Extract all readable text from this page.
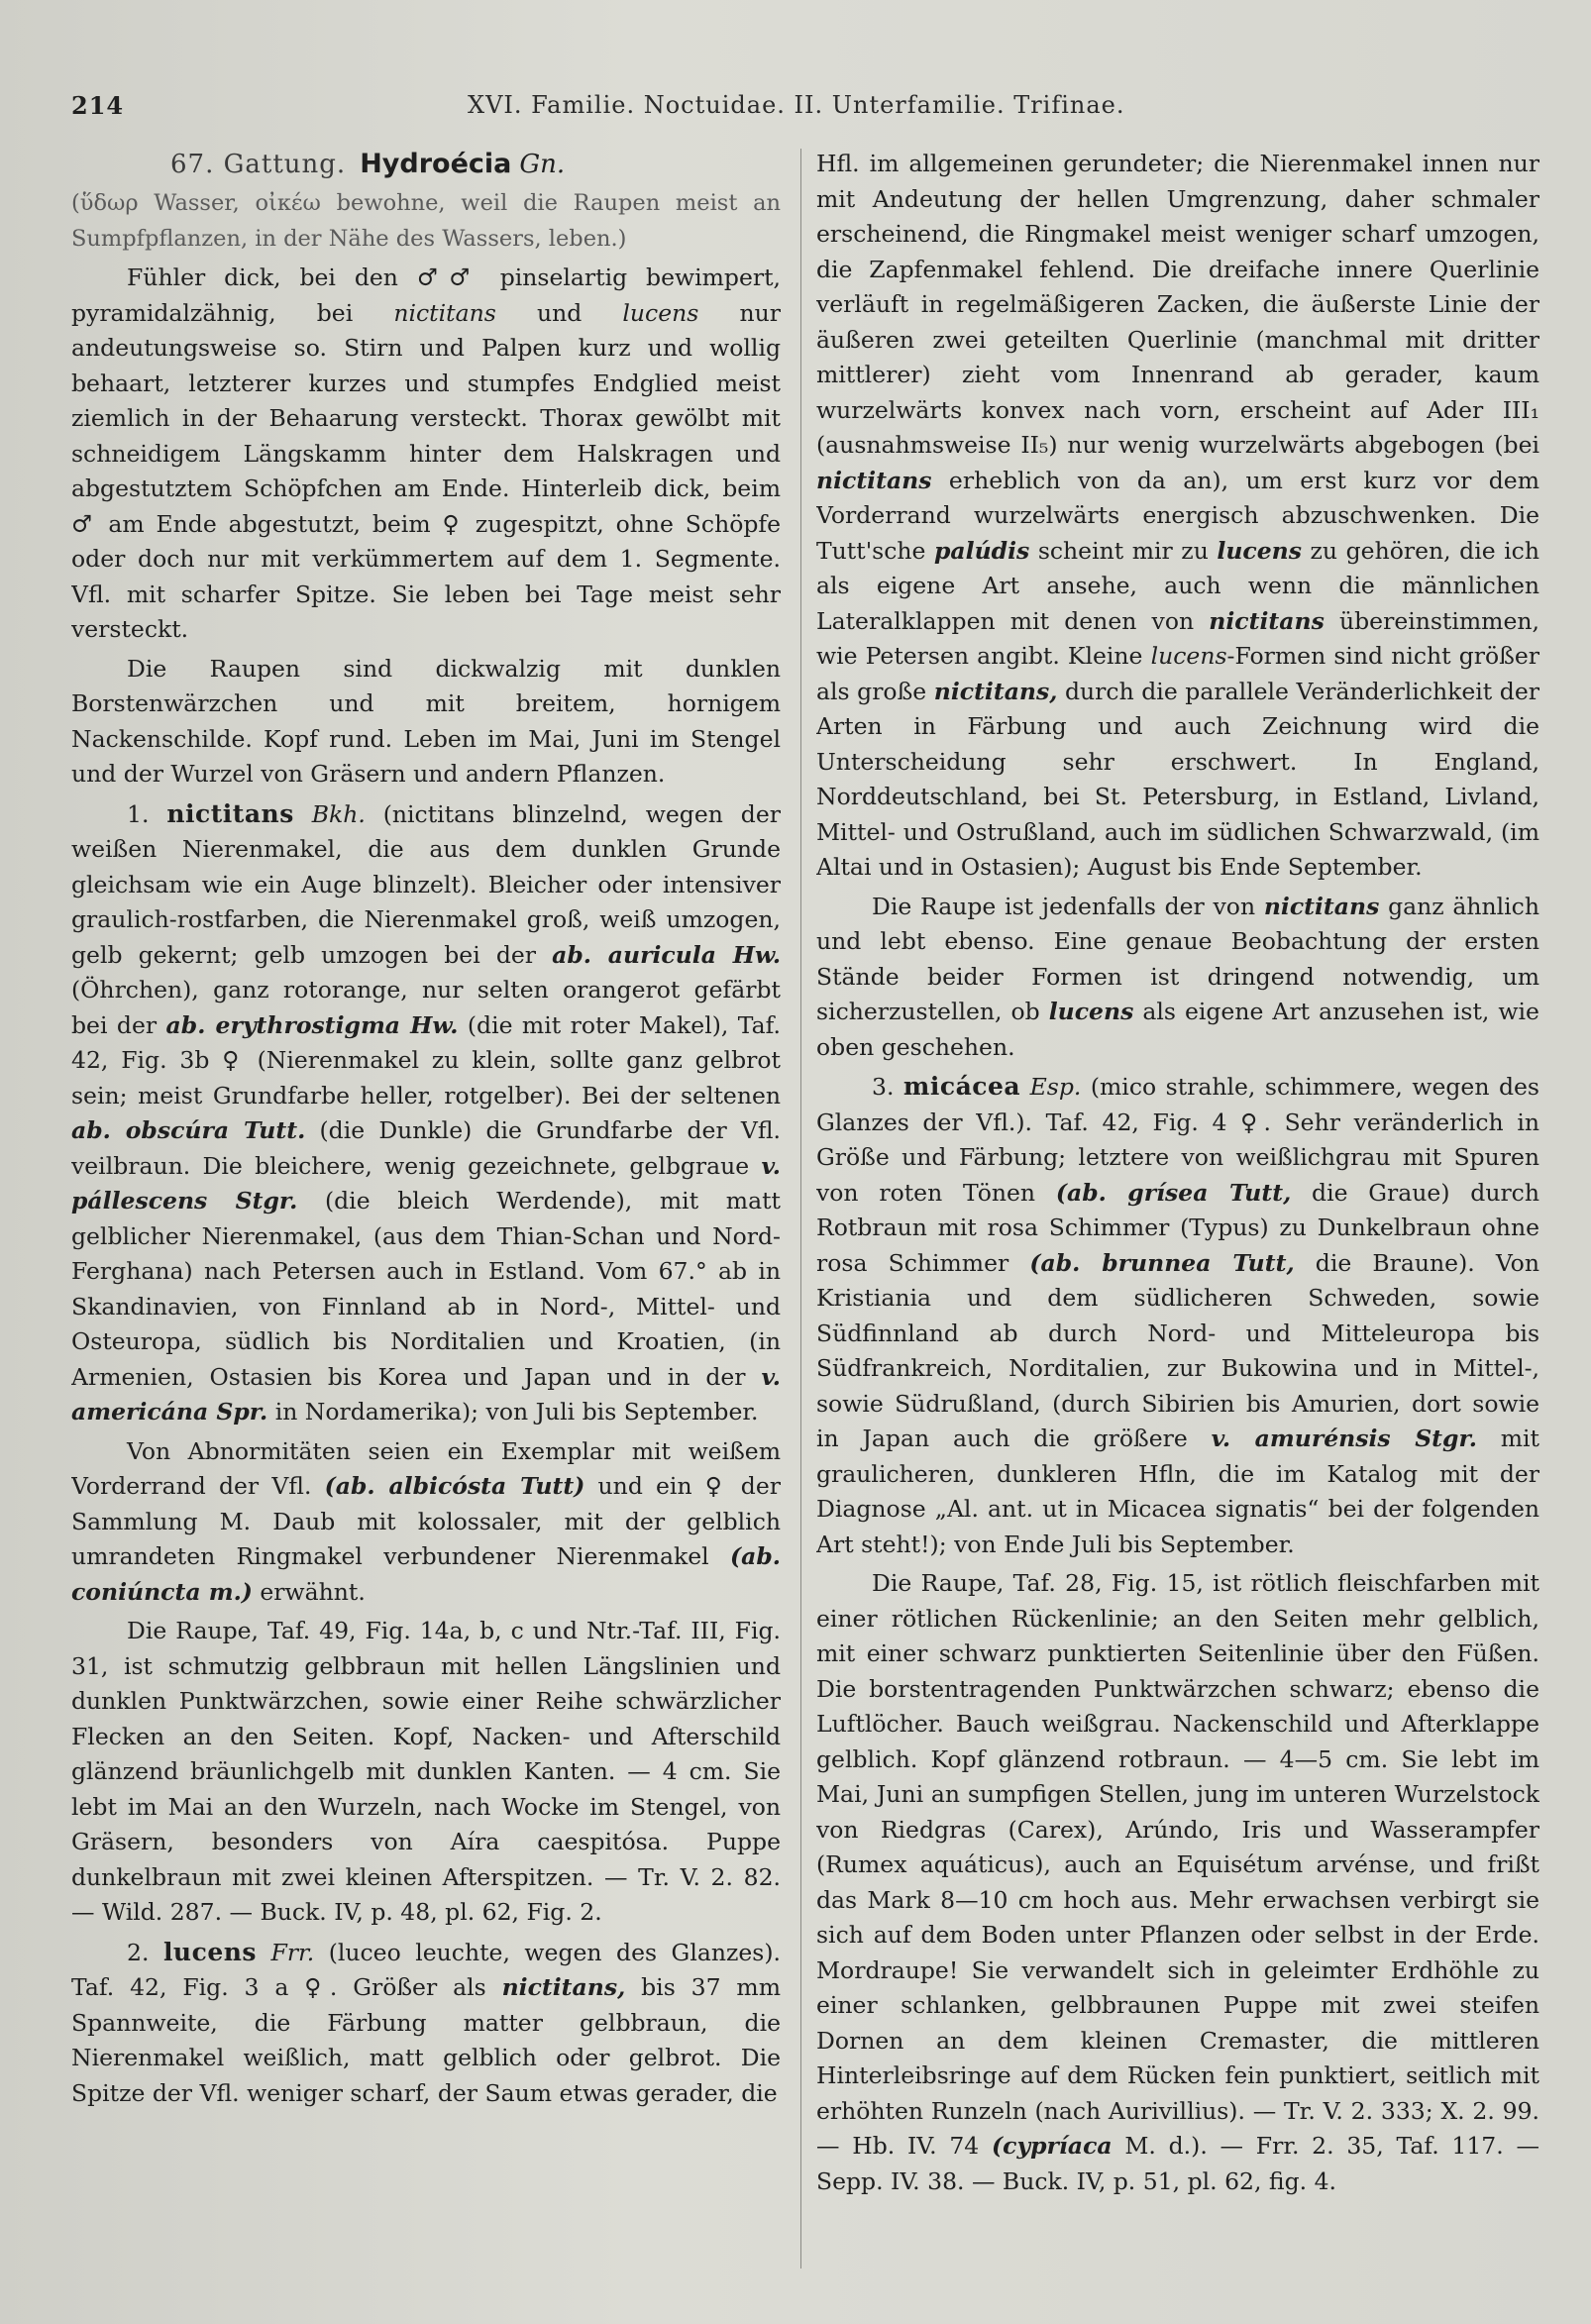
214	XVI. Familie. Noctuidae. II. Unterfamilie. Trifinae.
67. Gattung. Hydroécia Gn.

(ὕδωρ Wasser, οἰκέω bewohne, weil die Raupen meist an Sumpfpflanzen, in der Nähe des Wassers, leben.)

Fühler dick, bei den ♂♂ pinselartig bewimpert, pyramidalzähnig, bei nictitans und lucens nur andeutungsweise so. Stirn und Palpen kurz und wollig behaart, letzterer kurzes und stumpfes Endglied meist ziemlich in der Behaarung versteckt. Thorax gewölbt mit schneidigem Längskamm hinter dem Halskragen und abgestutztem Schöpfchen am Ende. Hinterleib dick, beim ♂ am Ende abgestutzt, beim ♀ zugespitzt, ohne Schöpfe oder doch nur mit verkümmertem auf dem 1. Segmente. Vfl. mit scharfer Spitze. Sie leben bei Tage meist sehr versteckt.

Die Raupen sind dickwalzig mit dunklen Borstenwärzchen und mit breitem, hornigem Nackenschilde. Kopf rund. Leben im Mai, Juni im Stengel und der Wurzel von Gräsern und andern Pflanzen.

1. nictitans Bkh. (nictitans blinzelnd, wegen der weißen Nierenmakel, die aus dem dunklen Grunde gleichsam wie ein Auge blinzelt). Bleicher oder intensiver graulich-rostfarben, die Nierenmakel groß, weiß umzogen, gelb gekernt; gelb umzogen bei der ab. auricula Hw. (Öhrchen), ganz rotorange, nur selten orangerot gefärbt bei der ab. erythrostigma Hw. (die mit roter Makel), Taf. 42, Fig. 3b ♀ (Nierenmakel zu klein, sollte ganz gelbrot sein; meist Grundfarbe heller, rotgelber). Bei der seltenen ab. obscúra Tutt. (die Dunkle) die Grundfarbe der Vfl. veilbraun. Die bleichere, wenig gezeichnete, gelbgraue v. pállescens Stgr. (die bleich Werdende), mit matt gelblicher Nierenmakel, (aus dem Thian-Schan und Nord-Ferghana) nach Petersen auch in Estland. Vom 67.° ab in Skandinavien, von Finnland ab in Nord-, Mittel- und Osteuropa, südlich bis Norditalien und Kroatien, (in Armenien, Ostasien bis Korea und Japan und in der v. americána Spr. in Nordamerika); von Juli bis September.

Von Abnormitäten seien ein Exemplar mit weißem Vorderrand der Vfl. (ab. albicósta Tutt) und ein ♀ der Sammlung M. Daub mit kolossaler, mit der gelblich umrandeten Ringmakel verbundener Nierenmakel (ab. coniúncta m.) erwähnt.

Die Raupe, Taf. 49, Fig. 14a, b, c und Ntr.-Taf. III, Fig. 31, ist schmutzig gelbbraun mit hellen Längslinien und dunklen Punktwärzchen, sowie einer Reihe schwärzlicher Flecken an den Seiten. Kopf, Nacken- und Afterschild glänzend bräunlichgelb mit dunklen Kanten. — 4 cm. Sie lebt im Mai an den Wurzeln, nach Wocke im Stengel, von Gräsern, besonders von Aíra caespitósa. Puppe dunkelbraun mit zwei kleinen Afterspitzen. — Tr. V. 2. 82. — Wild. 287. — Buck. IV, p. 48, pl. 62, Fig. 2.

2. lucens Frr. (luceo leuchte, wegen des Glanzes). Taf. 42, Fig. 3 a ♀. Größer als nictitans, bis 37 mm Spannweite, die Färbung matter gelbbraun, die Nierenmakel weißlich, matt gelblich oder gelbrot. Die Spitze der Vfl. weniger scharf, der Saum etwas gerader, die

Hfl. im allgemeinen gerundeter; die Nierenmakel innen nur mit Andeutung der hellen Umgrenzung, daher schmaler erscheinend, die Ringmakel meist weniger scharf umzogen, die Zapfenmakel fehlend. Die dreifache innere Querlinie verläuft in regelmäßigeren Zacken, die äußerste Linie der äußeren zwei geteilten Querlinie (manchmal mit dritter mittlerer) zieht vom Innenrand ab gerader, kaum wurzelwärts konvex nach vorn, erscheint auf Ader III₁ (ausnahmsweise II₅) nur wenig wurzelwärts abgebogen (bei nictitans erheblich von da an), um erst kurz vor dem Vorderrand wurzelwärts energisch abzuschwenken. Die Tutt'sche palúdis scheint mir zu lucens zu gehören, die ich als eigene Art ansehe, auch wenn die männlichen Lateralklappen mit denen von nictitans übereinstimmen, wie Petersen angibt. Kleine lucens-Formen sind nicht größer als große nictitans, durch die parallele Veränderlichkeit der Arten in Färbung und auch Zeichnung wird die Unterscheidung sehr erschwert. In England, Norddeutschland, bei St. Petersburg, in Estland, Livland, Mittel- und Ostrußland, auch im südlichen Schwarzwald, (im Altai und in Ostasien); August bis Ende September.

Die Raupe ist jedenfalls der von nictitans ganz ähnlich und lebt ebenso. Eine genaue Beobachtung der ersten Stände beider Formen ist dringend notwendig, um sicherzustellen, ob lucens als eigene Art anzusehen ist, wie oben geschehen.

3. micácea Esp. (mico strahle, schimmere, wegen des Glanzes der Vfl.). Taf. 42, Fig. 4 ♀. Sehr veränderlich in Größe und Färbung; letztere von weißlichgrau mit Spuren von roten Tönen (ab. grísea Tutt, die Graue) durch Rotbraun mit rosa Schimmer (Typus) zu Dunkelbraun ohne rosa Schimmer (ab. brunnea Tutt, die Braune). Von Kristiania und dem südlicheren Schweden, sowie Südfinnland ab durch Nord- und Mitteleuropa bis Südfrankreich, Norditalien, zur Bukowina und in Mittel-, sowie Südrußland, (durch Sibirien bis Amurien, dort sowie in Japan auch die größere v. amurénsis Stgr. mit graulicheren, dunkleren Hfln, die im Katalog mit der Diagnose „Al. ant. ut in Micacea signatis“ bei der folgenden Art steht!); von Ende Juli bis September.

Die Raupe, Taf. 28, Fig. 15, ist rötlich fleischfarben mit einer rötlichen Rückenlinie; an den Seiten mehr gelblich, mit einer schwarz punktierten Seitenlinie über den Füßen. Die borstentragenden Punktwärzchen schwarz; ebenso die Luftlöcher. Bauch weißgrau. Nackenschild und Afterklappe gelblich. Kopf glänzend rotbraun. — 4—5 cm. Sie lebt im Mai, Juni an sumpfigen Stellen, jung im unteren Wurzelstock von Riedgras (Carex), Arúndo, Iris und Wasserampfer (Rumex aquáticus), auch an Equisétum arvénse, und frißt das Mark 8—10 cm hoch aus. Mehr erwachsen verbirgt sie sich auf dem Boden unter Pflanzen oder selbst in der Erde. Mordraupe! Sie verwandelt sich in geleimter Erdhöhle zu einer schlanken, gelbbraunen Puppe mit zwei steifen Dornen an dem kleinen Cremaster, die mittleren Hinterleibsringe auf dem Rücken fein punktiert, seitlich mit erhöhten Runzeln (nach Aurivillius). — Tr. V. 2. 333; X. 2. 99. — Hb. IV. 74 (cypríaca M. d.). — Frr. 2. 35, Taf. 117. — Sepp. IV. 38. — Buck. IV, p. 51, pl. 62, fig. 4.
